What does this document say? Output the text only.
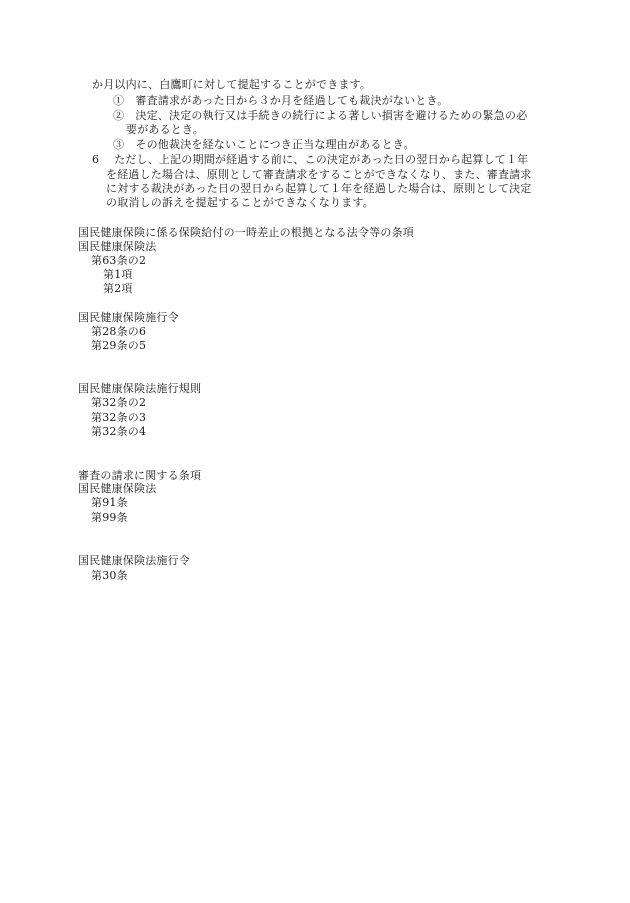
か月以内に、白鷹町に対して提起することができます。
①　審査請求があった日から３か月を経過しても裁決がないとき。
②　決定、決定の執行又は手続きの続行による著しい損害を避けるための緊急の必
要があるとき。
③　その他裁決を経ないことにつき正当な理由があるとき。
6　 ただし、上記の期間が経過する前に、この決定があった日の翌日から起算して１年
を経過した場合は、原則として審査請求をすることができなくなり、また、審査請求
に対する裁決があった日の翌日から起算して１年を経過した場合は、原則として決定
の取消しの訴えを提起することができなくなります。
国民健康保険に係る保険給付の一時差止の根拠となる法令等の条項
国民健康保険法
第63条の2
第1項
第2項
国民健康保険施行令
第28条の6
第29条の5
国民健康保険法施行規則
第32条の2
第32条の3
第32条の4
審査の請求に関する条項
国民健康保険法
第91条
第99条
国民健康保険法施行令
第30条
